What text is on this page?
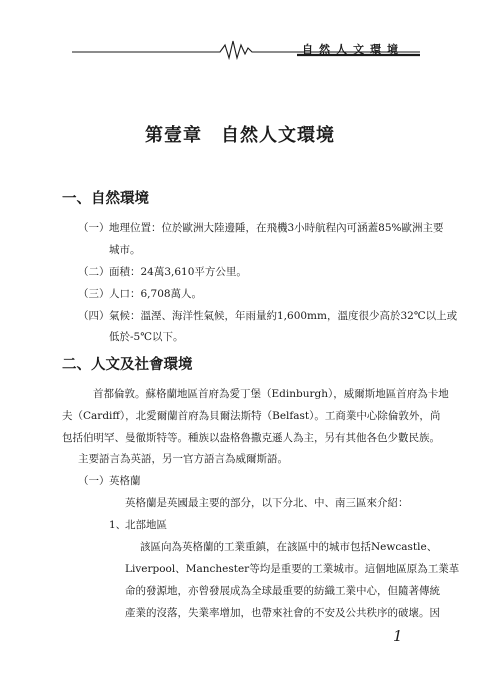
自然人文環境
第壹章　自然人文環境
一、自然環境
（一） 地理位置：位於歐洲大陸邊陲，在飛機3小時航程內可涵蓋85%歐洲主要
城市。
（二） 面積：24萬3,610平方公里。
（三） 人口：6,708萬人。
（四） 氣候：溫溼、海洋性氣候，年雨量約1,600mm，溫度很少高於32℃以上或
低於-5℃以下。
二、人文及社會環境
首都倫敦。蘇格蘭地區首府為愛丁堡（Edinburgh），威爾斯地區首府為卡地
夫（Cardiff），北愛爾蘭首府為貝爾法斯特（Belfast）。工商業中心除倫敦外，尚
包括伯明罕、曼徹斯特等。種族以盎格魯撒克遜人為主，另有其他各色少數民族。
主要語言為英語，另一官方語言為威爾斯語。
（一） 英格蘭
英格蘭是英國最主要的部分，以下分北、中、南三區來介紹：
1、
北部地區
該區向為英格蘭的工業重鎮，在該區中的城市包括Newcastle、
Liverpool、Manchester等均是重要的工業城市。這個地區原為工業革
命的發源地，亦曾發展成為全球最重要的紡織工業中心，但隨著傳統
產業的沒落，失業率增加，也帶來社會的不安及公共秩序的破壞。因
1
